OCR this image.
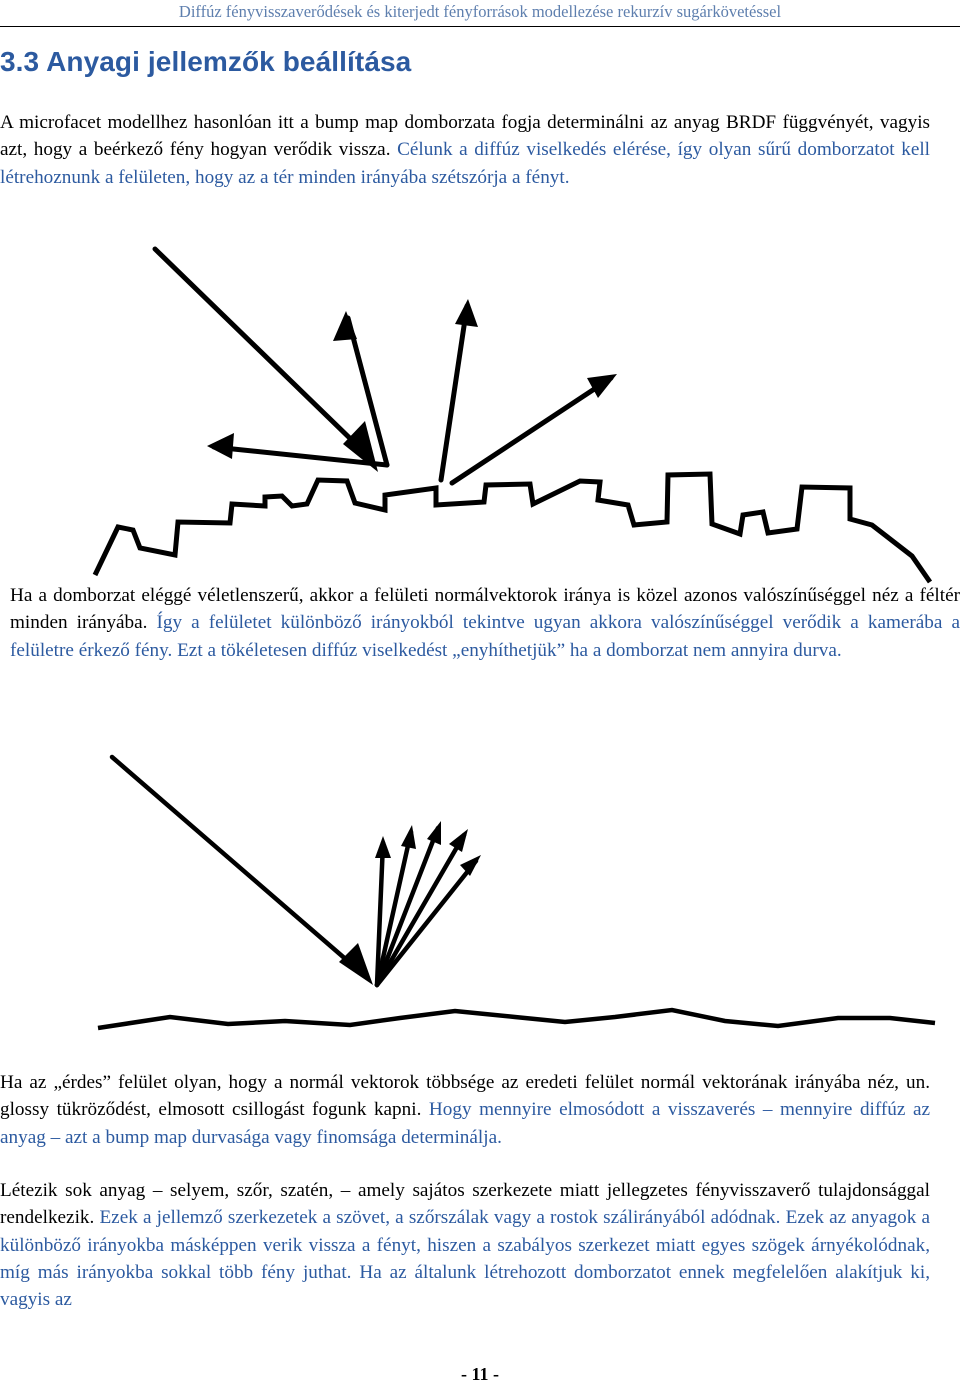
Diffúz fényvisszaverődések és kiterjedt fényforrások modellezése rekurzív sugárkövetéssel
3.3 Anyagi jellemzők beállítása

A microfacet modellhez hasonlóan itt a bump map domborzata fogja determinálni az anyag BRDF függvényét, vagyis azt, hogy a beérkező fény hogyan verődik vissza. Célunk a diffúz viselkedés elérése, így olyan sűrű domborzatot kell létrehoznunk a felületen, hogy az a tér minden irányába szétszórja a fényt.

Ha a domborzat eléggé véletlenszerű, akkor a felületi normálvektorok iránya is közel azonos valószínűséggel néz a féltér minden irányába. Így a felületet különböző irányokból tekintve ugyan akkora valószínűséggel verődik a kamerába a felületre érkező fény. Ezt a tökéletesen diffúz viselkedést „enyhíthetjük” ha a domborzat nem annyira durva.

Ha az „érdes” felület olyan, hogy a normál vektorok többsége az eredeti felület normál vektorának irányába néz, un. glossy tükröződést, elmosott csillogást fogunk kapni. Hogy mennyire elmosódott a visszaverés – mennyire diffúz az anyag – azt a bump map durvasága vagy finomsága determinálja.

Létezik sok anyag – selyem, szőr, szatén, – amely sajátos szerkezete miatt jellegzetes fényvisszaverő tulajdonsággal rendelkezik. Ezek a jellemző szerkezetek a szövet, a szőrszálak vagy a rostok szálirányából adódnak. Ezek az anyagok a különböző irányokba másképpen verik vissza a fényt, hiszen a szabályos szerkezet miatt egyes szögek árnyékolódnak, míg más irányokba sokkal több fény juthat. Ha az általunk létrehozott domborzatot ennek megfelelően alakítjuk ki, vagyis az

- 11 -
